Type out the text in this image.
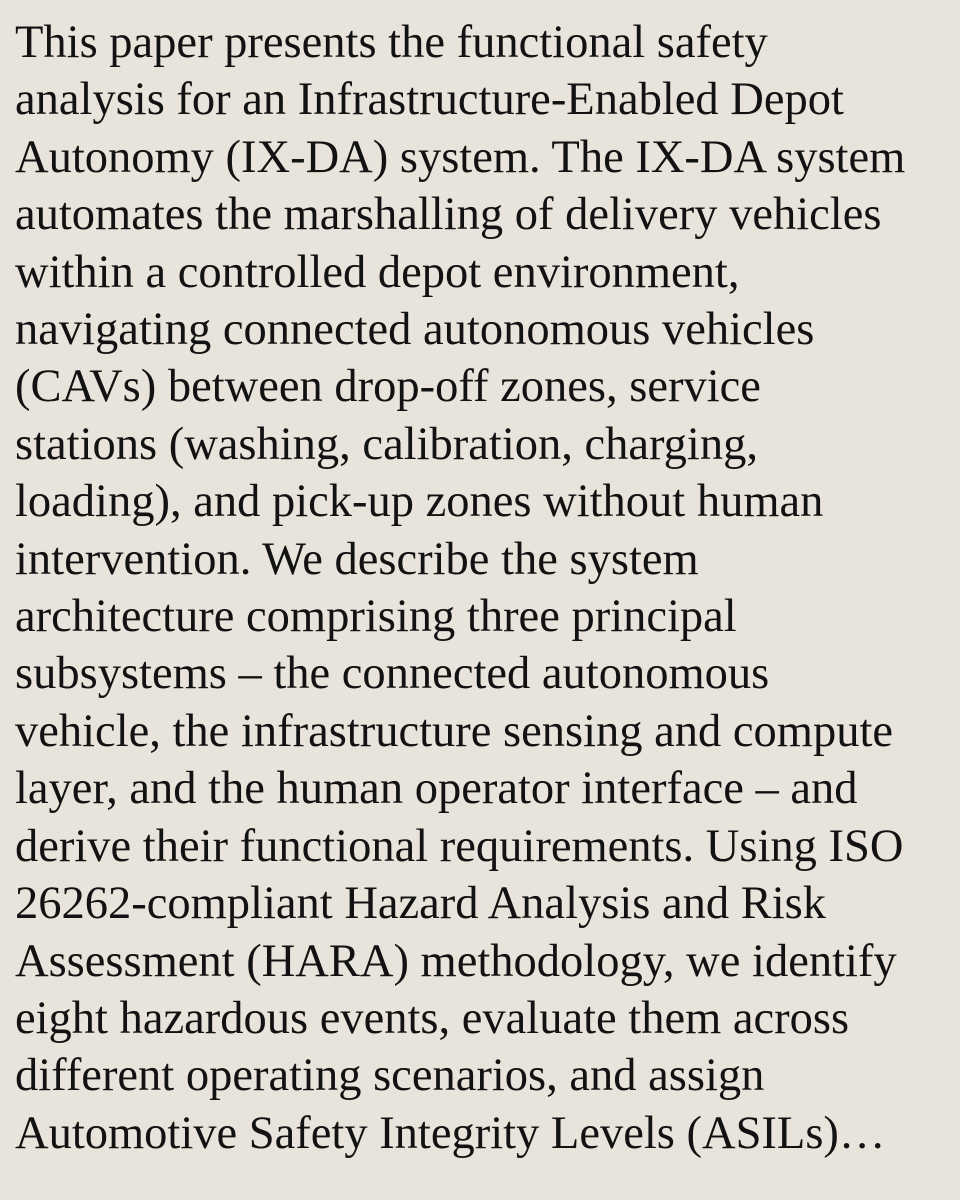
This paper presents the functional safety
analysis for an Infrastructure-Enabled Depot
Autonomy (IX-DA) system. The IX-DA system
automates the marshalling of delivery vehicles
within a controlled depot environment,
navigating connected autonomous vehicles
(CAVs) between drop-off zones, service
stations (washing, calibration, charging,
loading), and pick-up zones without human
intervention. We describe the system
architecture comprising three principal
subsystems – the connected autonomous
vehicle, the infrastructure sensing and compute
layer, and the human operator interface – and
derive their functional requirements. Using ISO
26262-compliant Hazard Analysis and Risk
Assessment (HARA) methodology, we identify
eight hazardous events, evaluate them across
different operating scenarios, and assign
Automotive Safety Integrity Levels (ASILs)…
